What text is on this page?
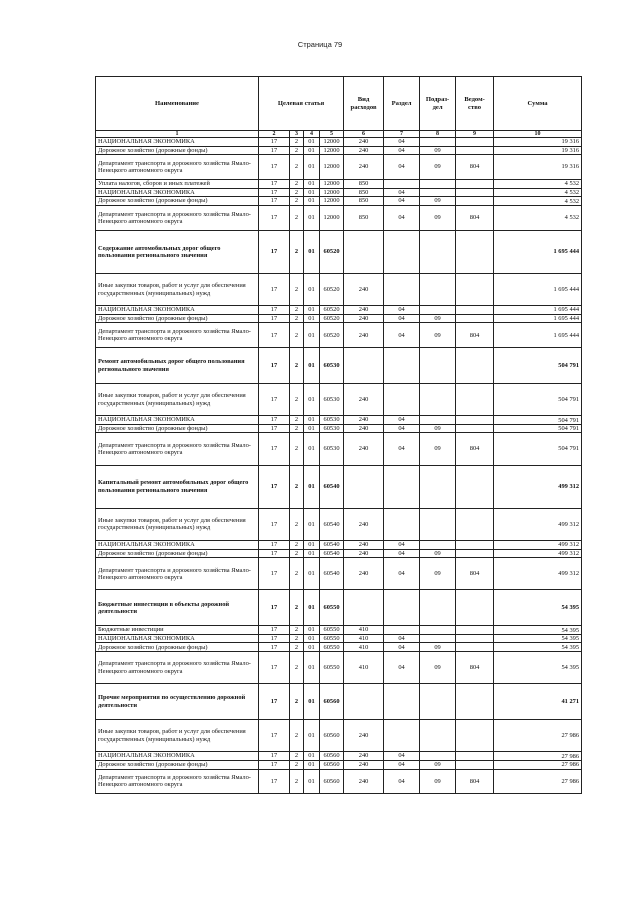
Страница 79
Наименование	Целевая статья				Вид расходов	Раздел	Подраз- дел	Ведом- ство	Сумма
1	2	3	4	5	6	7	8	9	10
НАЦИОНАЛЬНАЯ ЭКОНОМИКА	17	2	01	12000	240	04			19 316
Дорожное хозяйство (дорожные фонды)	17	2	01	12000	240	04	09		19 316
Департамент транспорта и дорожного хозяйства Ямало-Ненецкого автономного округа	17	2	01	12000	240	04	09	804	19 316
Уплата налогов, сборов и иных платежей	17	2	01	12000	850				4 532
НАЦИОНАЛЬНАЯ ЭКОНОМИКА	17	2	01	12000	850	04			4 532
Дорожное хозяйство (дорожные фонды)	17	2	01	12000	850	04	09		4 532
Департамент транспорта и дорожного хозяйства Ямало-Ненецкого автономного округа	17	2	01	12000	850	04	09	804	4 532
Содержание автомобильных дорог общего пользования регионального значения	17	2	01	60520					1 695 444
Иные закупки товаров, работ и услуг для обеспечения государственных (муниципальных) нужд	17	2	01	60520	240				1 695 444
НАЦИОНАЛЬНАЯ ЭКОНОМИКА	17	2	01	60520	240	04			1 695 444
Дорожное хозяйство (дорожные фонды)	17	2	01	60520	240	04	09		1 695 444
Департамент транспорта и дорожного хозяйства Ямало-Ненецкого автономного округа	17	2	01	60520	240	04	09	804	1 695 444
Ремонт автомобильных дорог общего пользования регионального значения	17	2	01	60530					504 791
Иные закупки товаров, работ и услуг для обеспечения государственных (муниципальных) нужд	17	2	01	60530	240				504 791
НАЦИОНАЛЬНАЯ ЭКОНОМИКА	17	2	01	60530	240	04			504 791
Дорожное хозяйство (дорожные фонды)	17	2	01	60530	240	04	09		504 791
Департамент транспорта и дорожного хозяйства Ямало-Ненецкого автономного округа	17	2	01	60530	240	04	09	804	504 791
Капитальный ремонт автомобильных дорог общего пользования регионального значения	17	2	01	60540					499 312
Иные закупки товаров, работ и услуг для обеспечения государственных (муниципальных) нужд	17	2	01	60540	240				499 312
НАЦИОНАЛЬНАЯ ЭКОНОМИКА	17	2	01	60540	240	04			499 312
Дорожное хозяйство (дорожные фонды)	17	2	01	60540	240	04	09		499 312
Департамент транспорта и дорожного хозяйства Ямало-Ненецкого автономного округа	17	2	01	60540	240	04	09	804	499 312
Бюджетные инвестиции в объекты дорожной деятельности	17	2	01	60550					54 395
Бюджетные инвестиции	17	2	01	60550	410				54 395
НАЦИОНАЛЬНАЯ ЭКОНОМИКА	17	2	01	60550	410	04			54 395
Дорожное хозяйство (дорожные фонды)	17	2	01	60550	410	04	09		54 395
Департамент транспорта и дорожного хозяйства Ямало-Ненецкого автономного округа	17	2	01	60550	410	04	09	804	54 395
Прочие мероприятия по осуществлению дорожной деятельности	17	2	01	60560					41 271
Иные закупки товаров, работ и услуг для обеспечения государственных (муниципальных) нужд	17	2	01	60560	240				27 986
НАЦИОНАЛЬНАЯ ЭКОНОМИКА	17	2	01	60560	240	04			27 986
Дорожное хозяйство (дорожные фонды)	17	2	01	60560	240	04	09		27 986
Департамент транспорта и дорожного хозяйства Ямало-Ненецкого автономного округа	17	2	01	60560	240	04	09	804	27 986
